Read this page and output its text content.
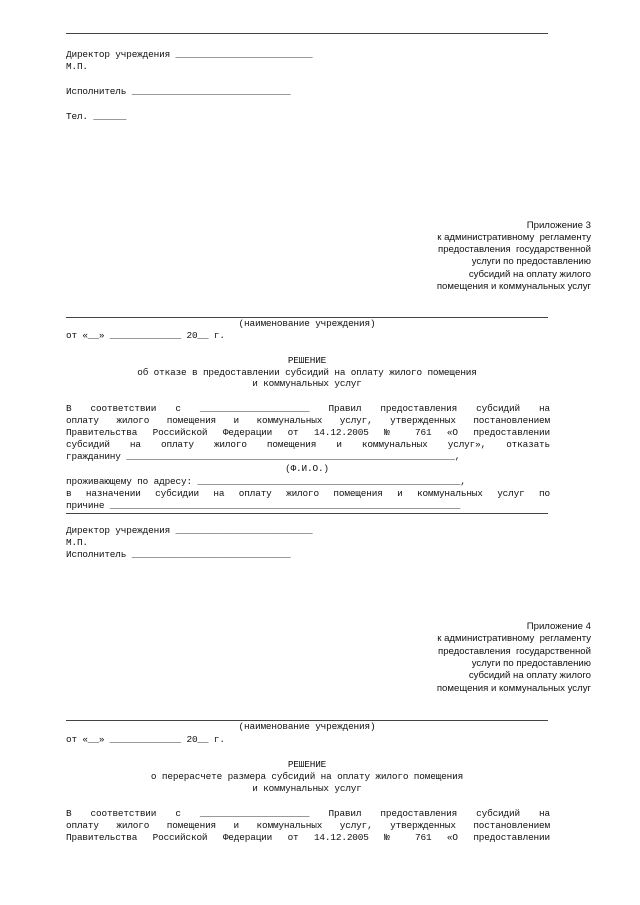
Директор учреждения _________________________
М.П.
Исполнитель _____________________________
Тел. ______
Приложение 3
к административному  регламенту
предоставления  государственной
услуги по предоставлению
субсидий на оплату жилого
помещения и коммунальных услуг
(наименование учреждения)
от «__» _____________ 20__ г.
РЕШЕНИЕ
об отказе в предоставлении субсидий на оплату жилого помещения
и коммунальных услуг
В соответствии с ____________________ Правил предоставления субсидий на
оплату жилого помещения и коммунальных услуг, утвержденных постановлением
Правительства Российской Федерации от 14.12.2005 № 761 «О предоставлении
субсидий на оплату жилого помещения и коммунальных услуг», отказать
гражданину ____________________________________________________________,
(Ф.И.О.)
проживающему по адресу: ________________________________________________,
в назначении субсидии на оплату жилого помещения и коммунальных услуг по
причине ________________________________________________________________
Директор учреждения _________________________
М.П.
Исполнитель _____________________________
Приложение 4
к административному  регламенту
предоставления  государственной
услуги по предоставлению
субсидий на оплату жилого
помещения и коммунальных услуг
(наименование учреждения)
от «__» _____________ 20__ г.
РЕШЕНИЕ
о перерасчете размера субсидий на оплату жилого помещения
и коммунальных услуг
В соответствии с ____________________ Правил предоставления субсидий на
оплату жилого помещения и коммунальных услуг, утвержденных постановлением
Правительства Российской Федерации от 14.12.2005 № 761 «О предоставлении
